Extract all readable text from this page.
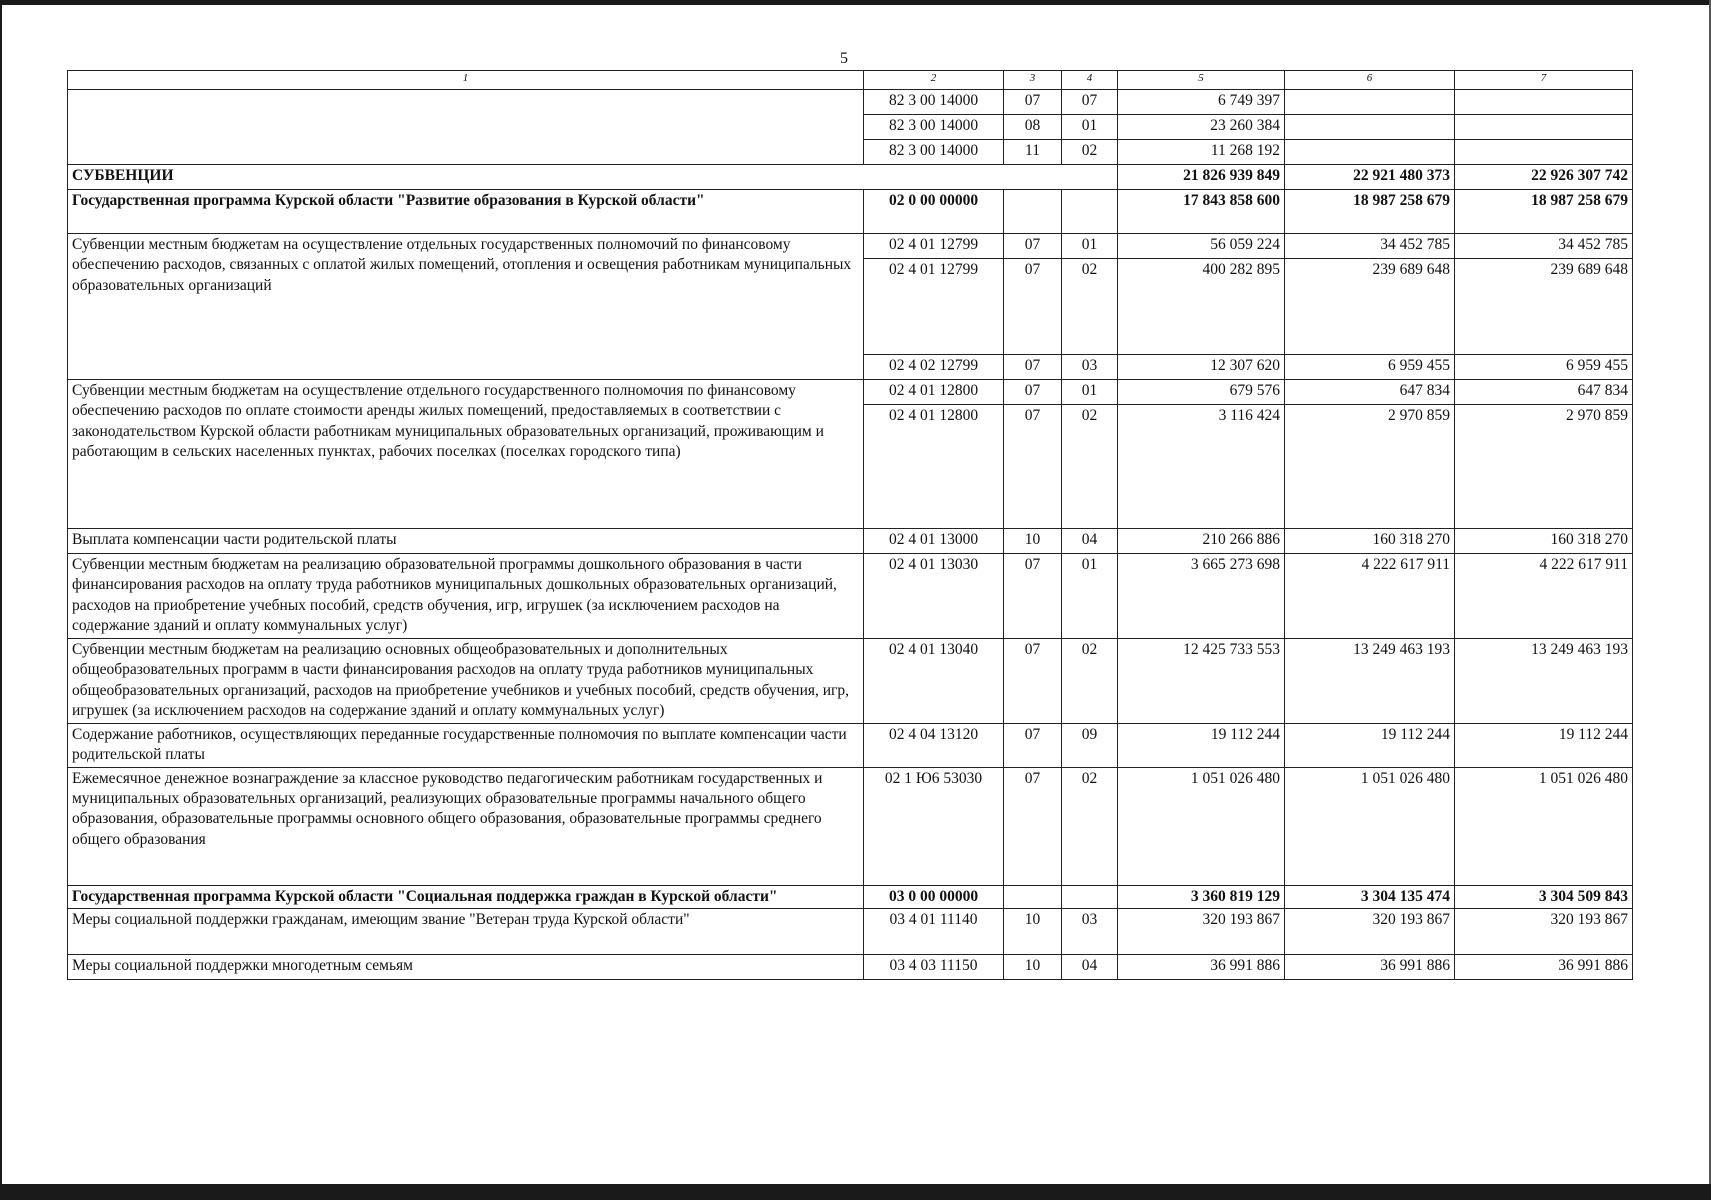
5
1	2	3	4	5	6	7
	82 3 00 14000	07	07	6 749 397		
	82 3 00 14000	08	01	23 260 384		
	82 3 00 14000	11	02	11 268 192		
СУБВЕНЦИИ				21 826 939 849	22 921 480 373	22 926 307 742
Государственная программа Курской области "Развитие образования в Курской области"	02 0 00 00000			17 843 858 600	18 987 258 679	18 987 258 679
Субвенции местным бюджетам на осуществление отдельных государственных полномочий по финансовому обеспечению расходов, связанных с оплатой жилых помещений, отопления и освещения работникам муниципальных образовательных организаций	02 4 01 12799	07	01	56 059 224	34 452 785	34 452 785
	02 4 01 12799	07	02	400 282 895	239 689 648	239 689 648
	02 4 02 12799	07	03	12 307 620	6 959 455	6 959 455
Субвенции местным бюджетам на осуществление отдельного государственного полномочия по финансовому обеспечению расходов по оплате стоимости аренды жилых помещений, предоставляемых в соответствии с законодательством Курской области работникам муниципальных образовательных организаций, проживающим и работающим в сельских населенных пунктах, рабочих поселках (поселках городского типа)	02 4 01 12800	07	01	679 576	647 834	647 834
	02 4 01 12800	07	02	3 116 424	2 970 859	2 970 859
Выплата компенсации части родительской платы	02 4 01 13000	10	04	210 266 886	160 318 270	160 318 270
Субвенции местным бюджетам на реализацию образовательной программы дошкольного образования в части финансирования расходов на оплату труда работников муниципальных дошкольных образовательных организаций, расходов на приобретение учебных пособий, средств обучения, игр, игрушек (за исключением расходов на содержание зданий и оплату коммунальных услуг)	02 4 01 13030	07	01	3 665 273 698	4 222 617 911	4 222 617 911
Субвенции местным бюджетам на реализацию основных общеобразовательных и дополнительных общеобразовательных программ в части финансирования расходов на оплату труда работников муниципальных общеобразовательных организаций, расходов на приобретение учебников и учебных пособий, средств обучения, игр, игрушек (за исключением расходов на содержание зданий и оплату коммунальных услуг)	02 4 01 13040	07	02	12 425 733 553	13 249 463 193	13 249 463 193
Содержание работников, осуществляющих переданные государственные полномочия по выплате компенсации части родительской платы	02 4 04 13120	07	09	19 112 244	19 112 244	19 112 244
Ежемесячное денежное вознаграждение за классное руководство педагогическим работникам государственных и муниципальных образовательных организаций, реализующих образовательные программы начального общего образования, образовательные программы основного общего образования, образовательные программы среднего общего образования	02 1 Ю6 53030	07	02	1 051 026 480	1 051 026 480	1 051 026 480
Государственная программа Курской области "Социальная поддержка граждан в Курской области"	03 0 00 00000			3 360 819 129	3 304 135 474	3 304 509 843
Меры социальной поддержки гражданам, имеющим звание "Ветеран труда Курской области"	03 4 01 11140	10	03	320 193 867	320 193 867	320 193 867
Меры социальной поддержки многодетным семьям	03 4 03 11150	10	04	36 991 886	36 991 886	36 991 886
